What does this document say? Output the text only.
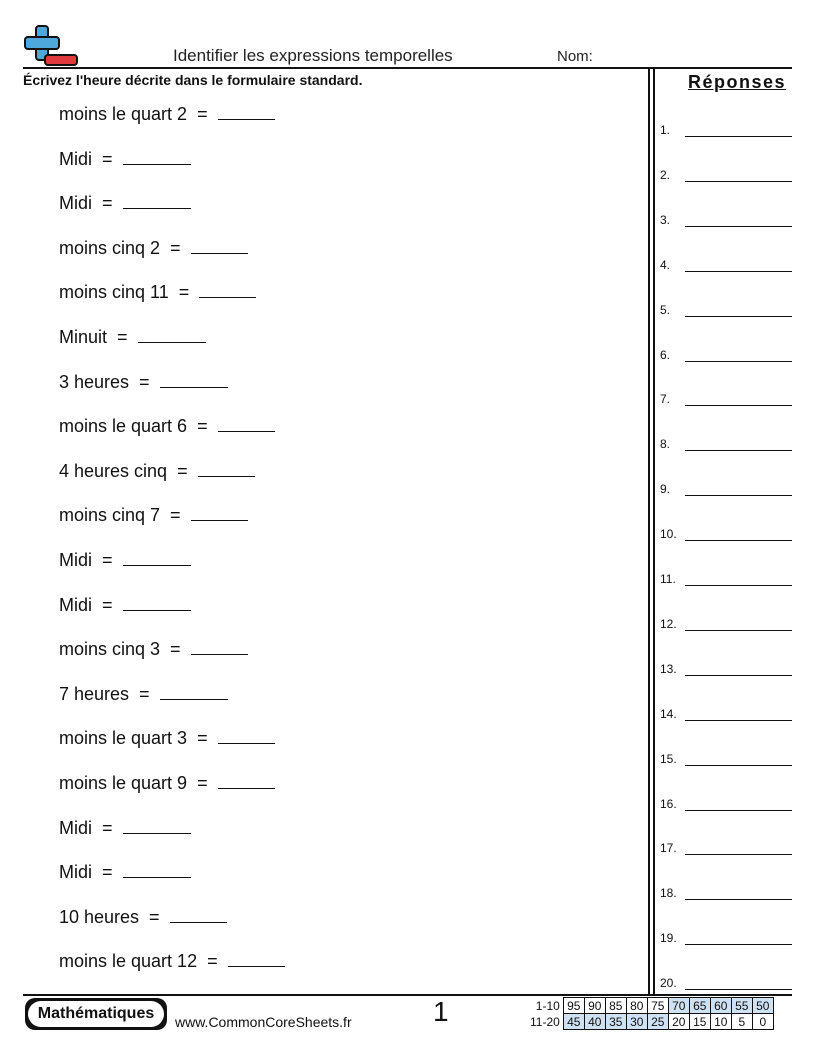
Identifier les expressions temporelles	Nom:
Écrivez l'heure décrite dans le formulaire standard.	Réponses
moins le quart 2  =
Midi  =
Midi  =
moins cinq 2  =
moins cinq 11  =
Minuit  =
3 heures  =
moins le quart 6  =
4 heures cinq  =
moins cinq 7  =
Midi  =
Midi  =
moins cinq 3  =
7 heures  =
moins le quart 3  =
moins le quart 9  =
Midi  =
Midi  =
10 heures  =
moins le quart 12  =
1.
2.
3.
4.
5.
6.
7.
8.
9.
10.
11.
12.
13.
14.
15.
16.
17.
18.
19.
20.
Mathématiques	www.CommonCoreSheets.fr	1	1-10	95	90	85	80	75	70	65	60	55	50
11-20	45	40	35	30	25	20	15	10	5	0
